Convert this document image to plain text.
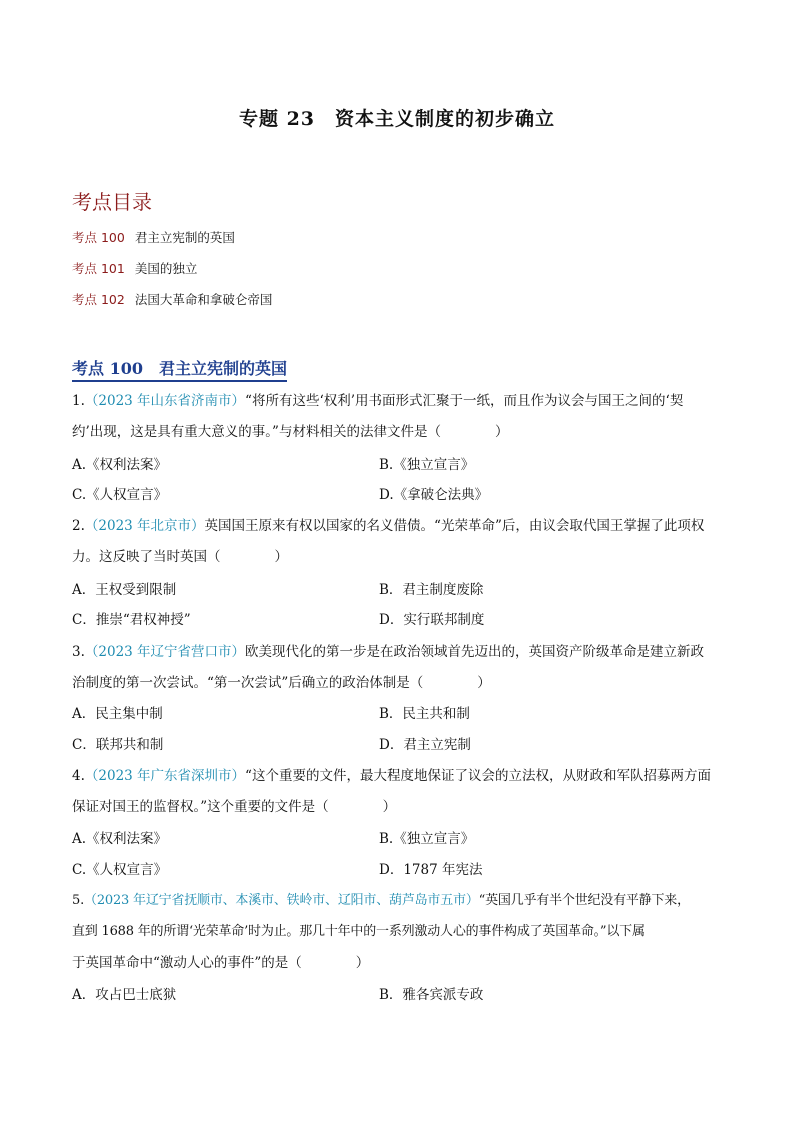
专题 23　资本主义制度的初步确立
考点目录
考点 100 君主立宪制的英国
考点 101 美国的独立
考点 102 法国大革命和拿破仑帝国
考点 100　君主立宪制的英国
1.（2023 年山东省济南市）“将所有这些‘权利’用书面形式汇聚于一纸，而且作为议会与国王之间的‘契
约’出现，这是具有重大意义的事。”与材料相关的法律文件是（　　　　）
A.《权利法案》	B.《独立宣言》
C.《人权宣言》	D.《拿破仑法典》
2.（2023 年北京市）英国国王原来有权以国家的名义借债。“光荣革命”后，由议会取代国王掌握了此项权
力。这反映了当时英国（　　　　）
A．王权受到限制	B．君主制度废除
C．推崇“君权神授”	D．实行联邦制度
3.（2023 年辽宁省营口市）欧美现代化的第一步是在政治领域首先迈出的，英国资产阶级革命是建立新政
治制度的第一次尝试。“第一次尝试”后确立的政治体制是（　　　　）
A．民主集中制	B．民主共和制
C．联邦共和制	D．君主立宪制
4.（2023 年广东省深圳市）“这个重要的文件，最大程度地保证了议会的立法权，从财政和军队招募两方面
保证对国王的监督权。”这个重要的文件是（　　　　）
A.《权利法案》	B.《独立宣言》
C.《人权宣言》	D．1787 年宪法
5.（2023 年辽宁省抚顺市、本溪市、铁岭市、辽阳市、葫芦岛市五市）“英国几乎有半个世纪没有平静下来，
直到 1688 年的所谓‘光荣革命’时为止。那几十年中的一系列激动人心的事件构成了英国革命。”以下属
于英国革命中“激动人心的事件”的是（　　　　）
A．攻占巴士底狱	B．雅各宾派专政
